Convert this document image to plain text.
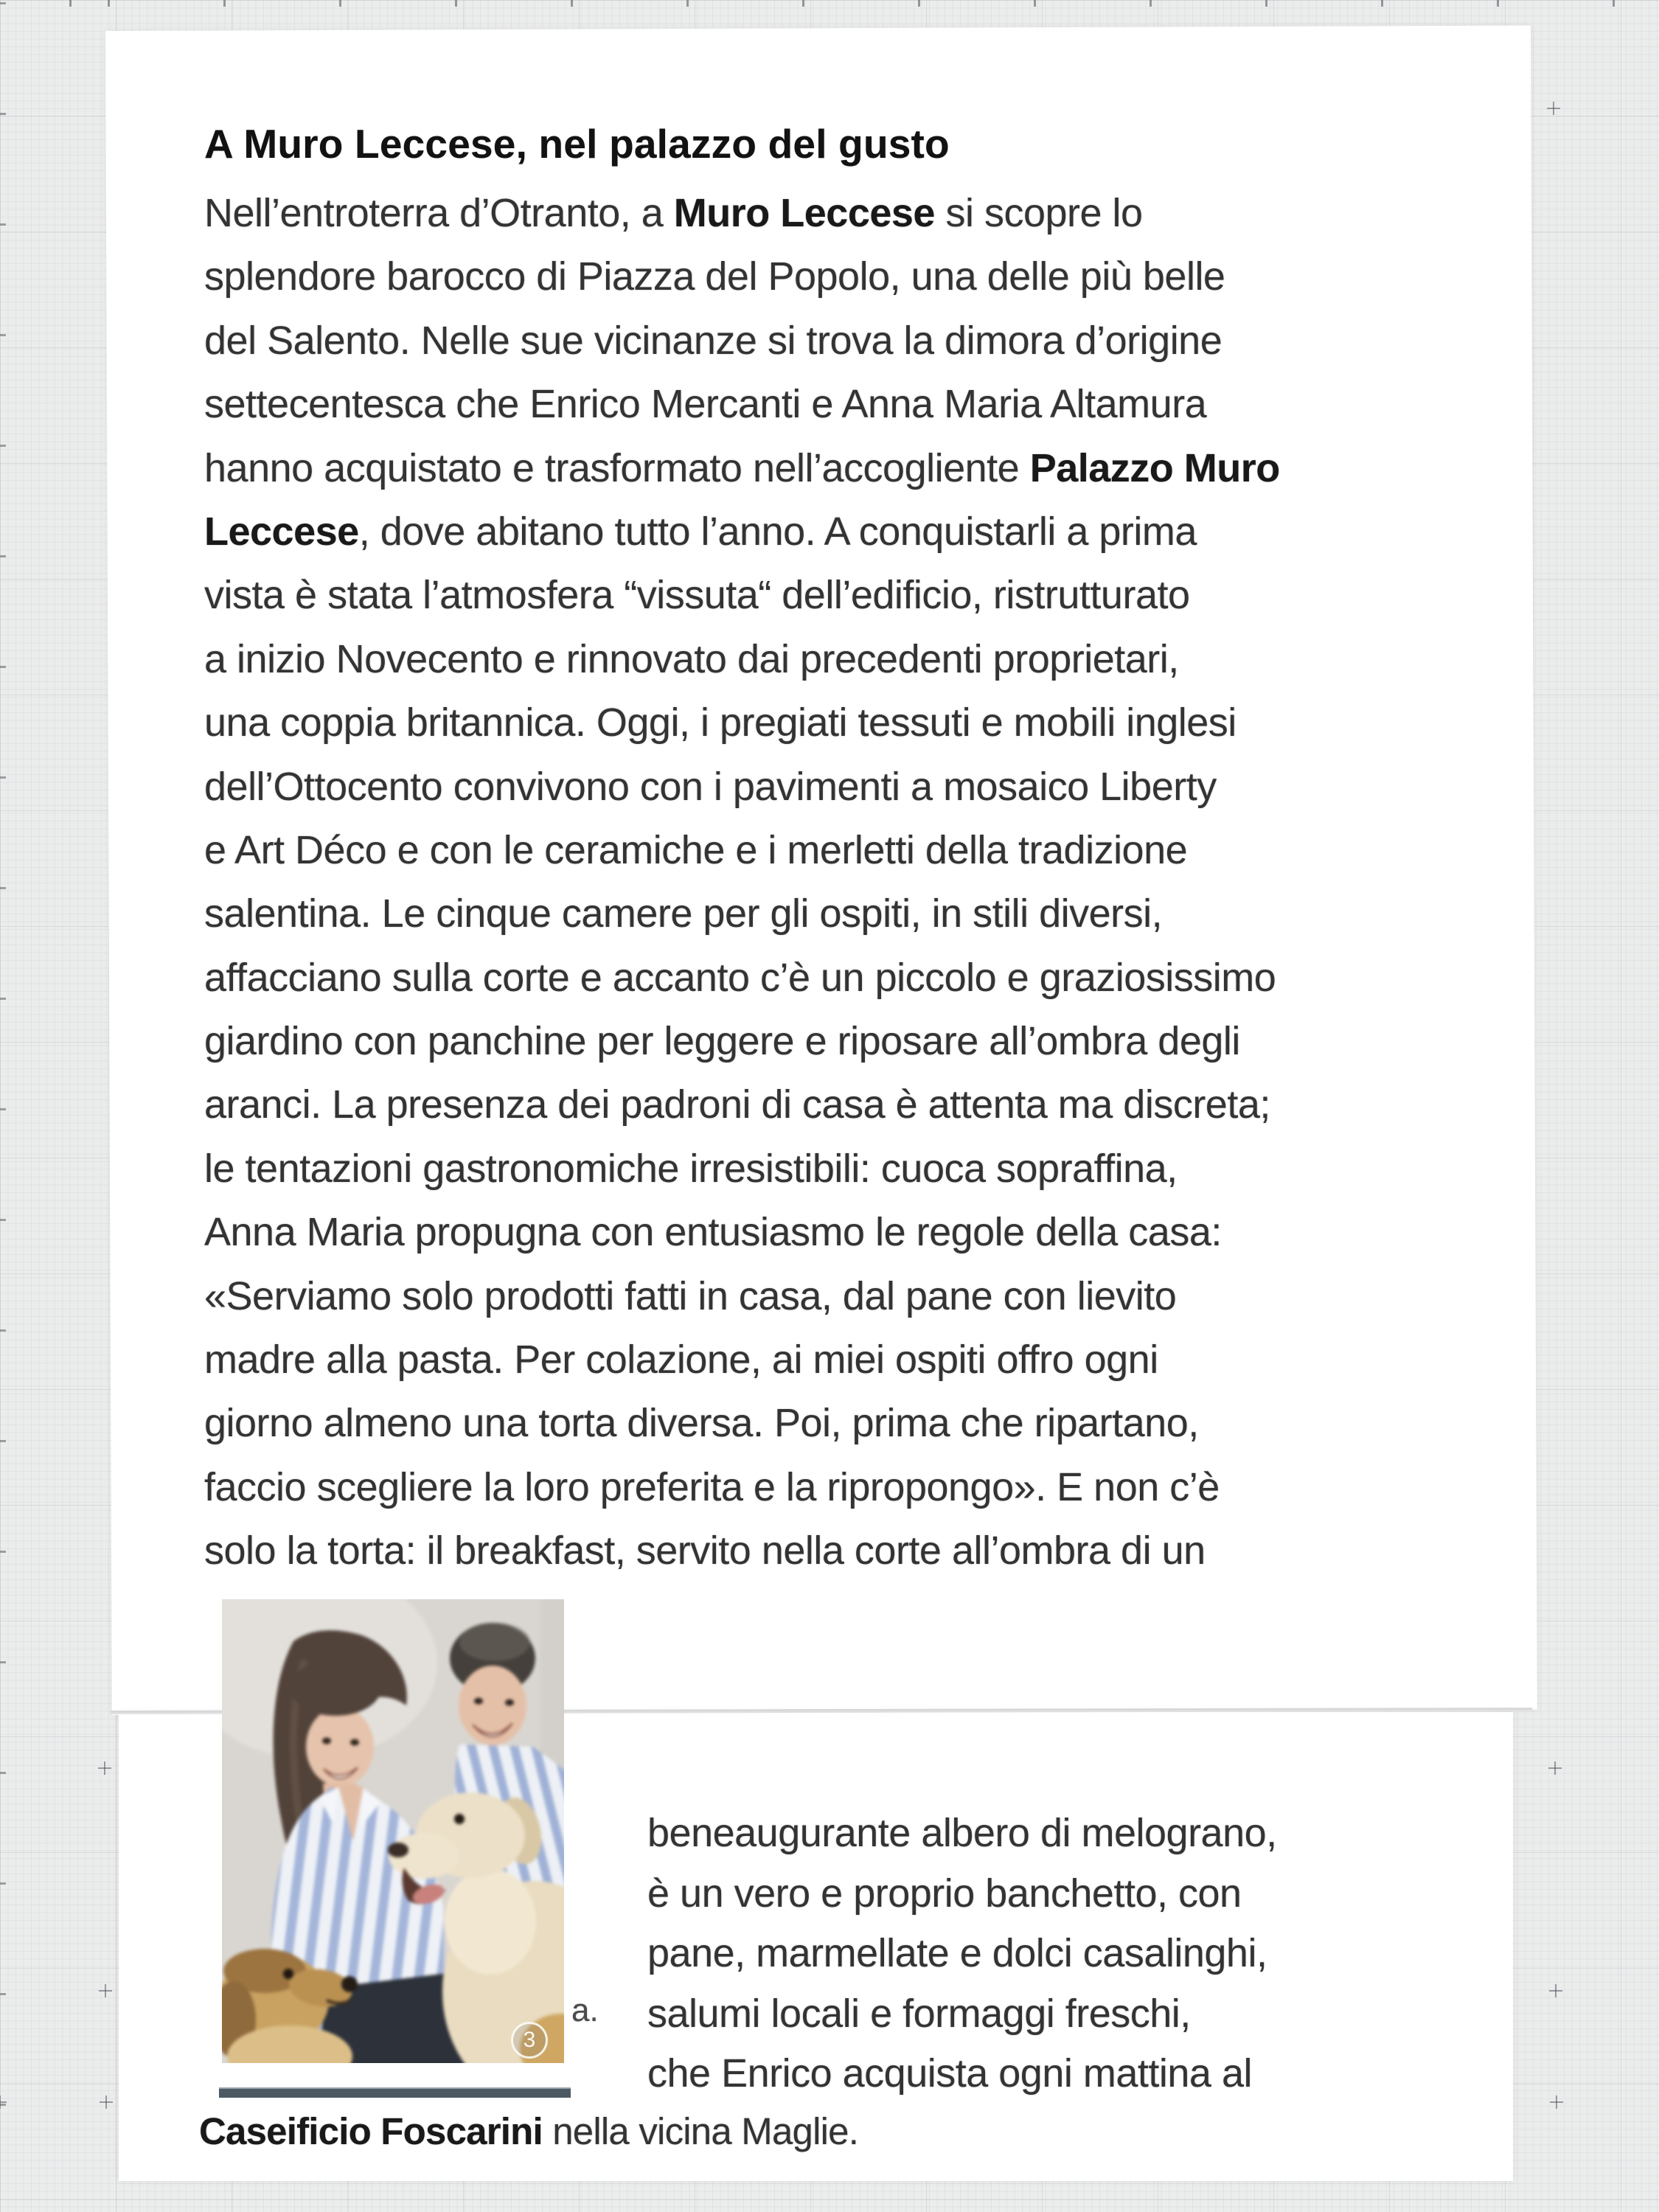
A Muro Leccese, nel palazzo del gusto
Nell’entroterra d’Otranto, a Muro Leccese si scopre lo
splendore barocco di Piazza del Popolo, una delle più belle
del Salento. Nelle sue vicinanze si trova la dimora d’origine
settecentesca che Enrico Mercanti e Anna Maria Altamura
hanno acquistato e trasformato nell’accogliente Palazzo Muro
Leccese, dove abitano tutto l’anno. A conquistarli a prima
vista è stata l’atmosfera “vissuta“ dell’edificio, ristrutturato
a inizio Novecento e rinnovato dai precedenti proprietari,
una coppia britannica. Oggi, i pregiati tessuti e mobili inglesi
dell’Ottocento convivono con i pavimenti a mosaico Liberty
e Art Déco e con le ceramiche e i merletti della tradizione
salentina. Le cinque camere per gli ospiti, in stili diversi,
affacciano sulla corte e accanto c’è un piccolo e graziosissimo
giardino con panchine per leggere e riposare all’ombra degli
aranci. La presenza dei padroni di casa è attenta ma discreta;
le tentazioni gastronomiche irresistibili: cuoca sopraffina,
Anna Maria propugna con entusiasmo le regole della casa:
«Serviamo solo prodotti fatti in casa, dal pane con lievito
madre alla pasta. Per colazione, ai miei ospiti offro ogni
giorno almeno una torta diversa. Poi, prima che ripartano,
faccio scegliere la loro preferita e la ripropongo». E non c’è
solo la torta: il breakfast, servito nella corte all’ombra di un
beneaugurante albero di melograno,
è un vero e proprio banchetto, con
pane, marmellate e dolci casalinghi,
salumi locali e formaggi freschi,
che Enrico acquista ogni mattina al
Caseificio Foscarini nella vicina Maglie.
a.
3
